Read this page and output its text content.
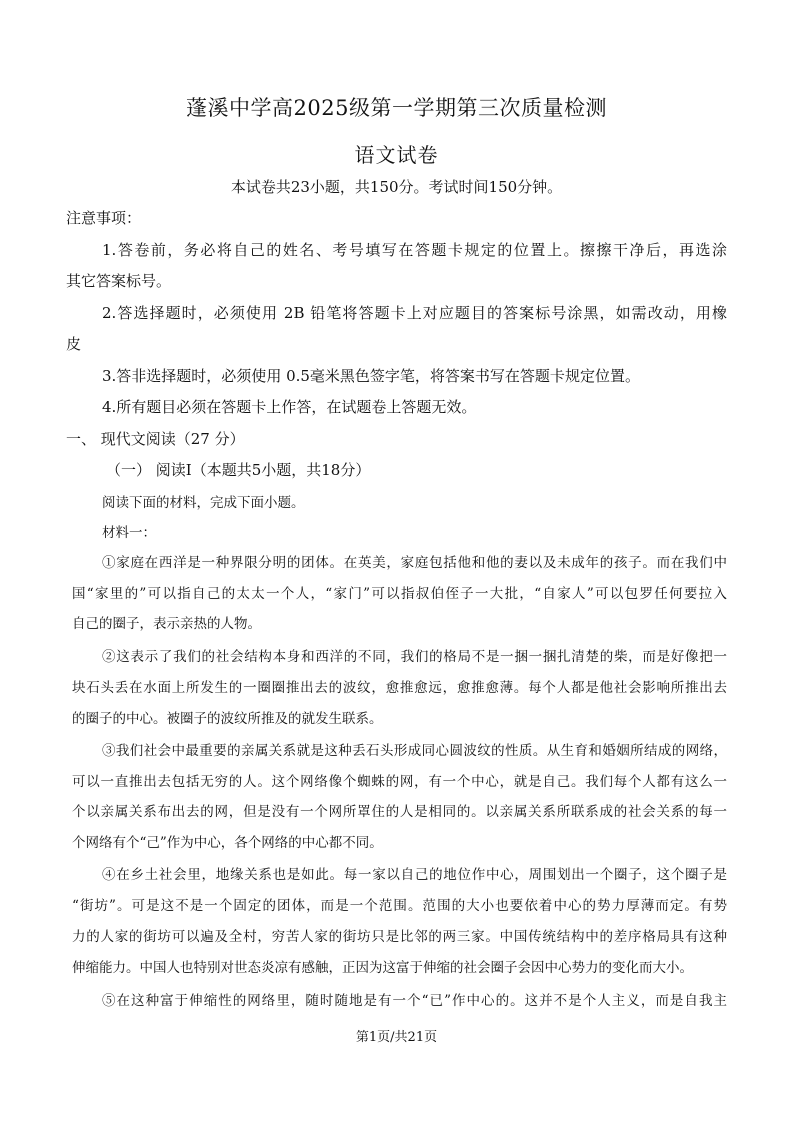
蓬溪中学高2025级第一学期第三次质量检测
语文试卷
本试卷共23小题，共150分。考试时间150分钟。
注意事项：
1.答卷前，务必将自己的姓名、考号填写在答题卡规定的位置上。擦擦干净后，再选涂
其它答案标号。
2.答选择题时，必须使用 2B 铅笔将答题卡上对应题目的答案标号涂黑，如需改动，用橡
皮
3.答非选择题时，必须使用 0.5毫米黑色签字笔，将答案书写在答题卡规定位置。
4.所有题目必须在答题卡上作答，在试题卷上答题无效。
一、 现代文阅读（27 分）
（一） 阅读Ⅰ（本题共5小题，共18分）
阅读下面的材料，完成下面小题。
材料一：
①家庭在西洋是一种界限分明的团体。在英美，家庭包括他和他的妻以及未成年的孩子。而在我们中
国“家里的”可以指自己的太太一个人，“家门”可以指叔伯侄子一大批，“自家人”可以包罗任何要拉入
自己的圈子，表示亲热的人物。
②这表示了我们的社会结构本身和西洋的不同，我们的格局不是一捆一捆扎清楚的柴，而是好像把一
块石头丢在水面上所发生的一圈圈推出去的波纹，愈推愈远，愈推愈薄。每个人都是他社会影响所推出去
的圈子的中心。被圈子的波纹所推及的就发生联系。
③我们社会中最重要的亲属关系就是这种丢石头形成同心圆波纹的性质。从生育和婚姻所结成的网络，
可以一直推出去包括无穷的人。这个网络像个蜘蛛的网，有一个中心，就是自己。我们每个人都有这么一
个以亲属关系布出去的网，但是没有一个网所罩住的人是相同的。以亲属关系所联系成的社会关系的每一
个网络有个“己”作为中心，各个网络的中心都不同。
④在乡土社会里，地缘关系也是如此。每一家以自己的地位作中心，周围划出一个圈子，这个圈子是
“街坊”。可是这不是一个固定的团体，而是一个范围。范围的大小也要依着中心的势力厚薄而定。有势
力的人家的街坊可以遍及全村，穷苦人家的街坊只是比邻的两三家。中国传统结构中的差序格局具有这种
伸缩能力。中国人也特别对世态炎凉有感触，正因为这富于伸缩的社会圈子会因中心势力的变化而大小。
⑤在这种富于伸缩性的网络里，随时随地是有一个“已”作中心的。这并不是个人主义，而是自我主
第1页/共21页
